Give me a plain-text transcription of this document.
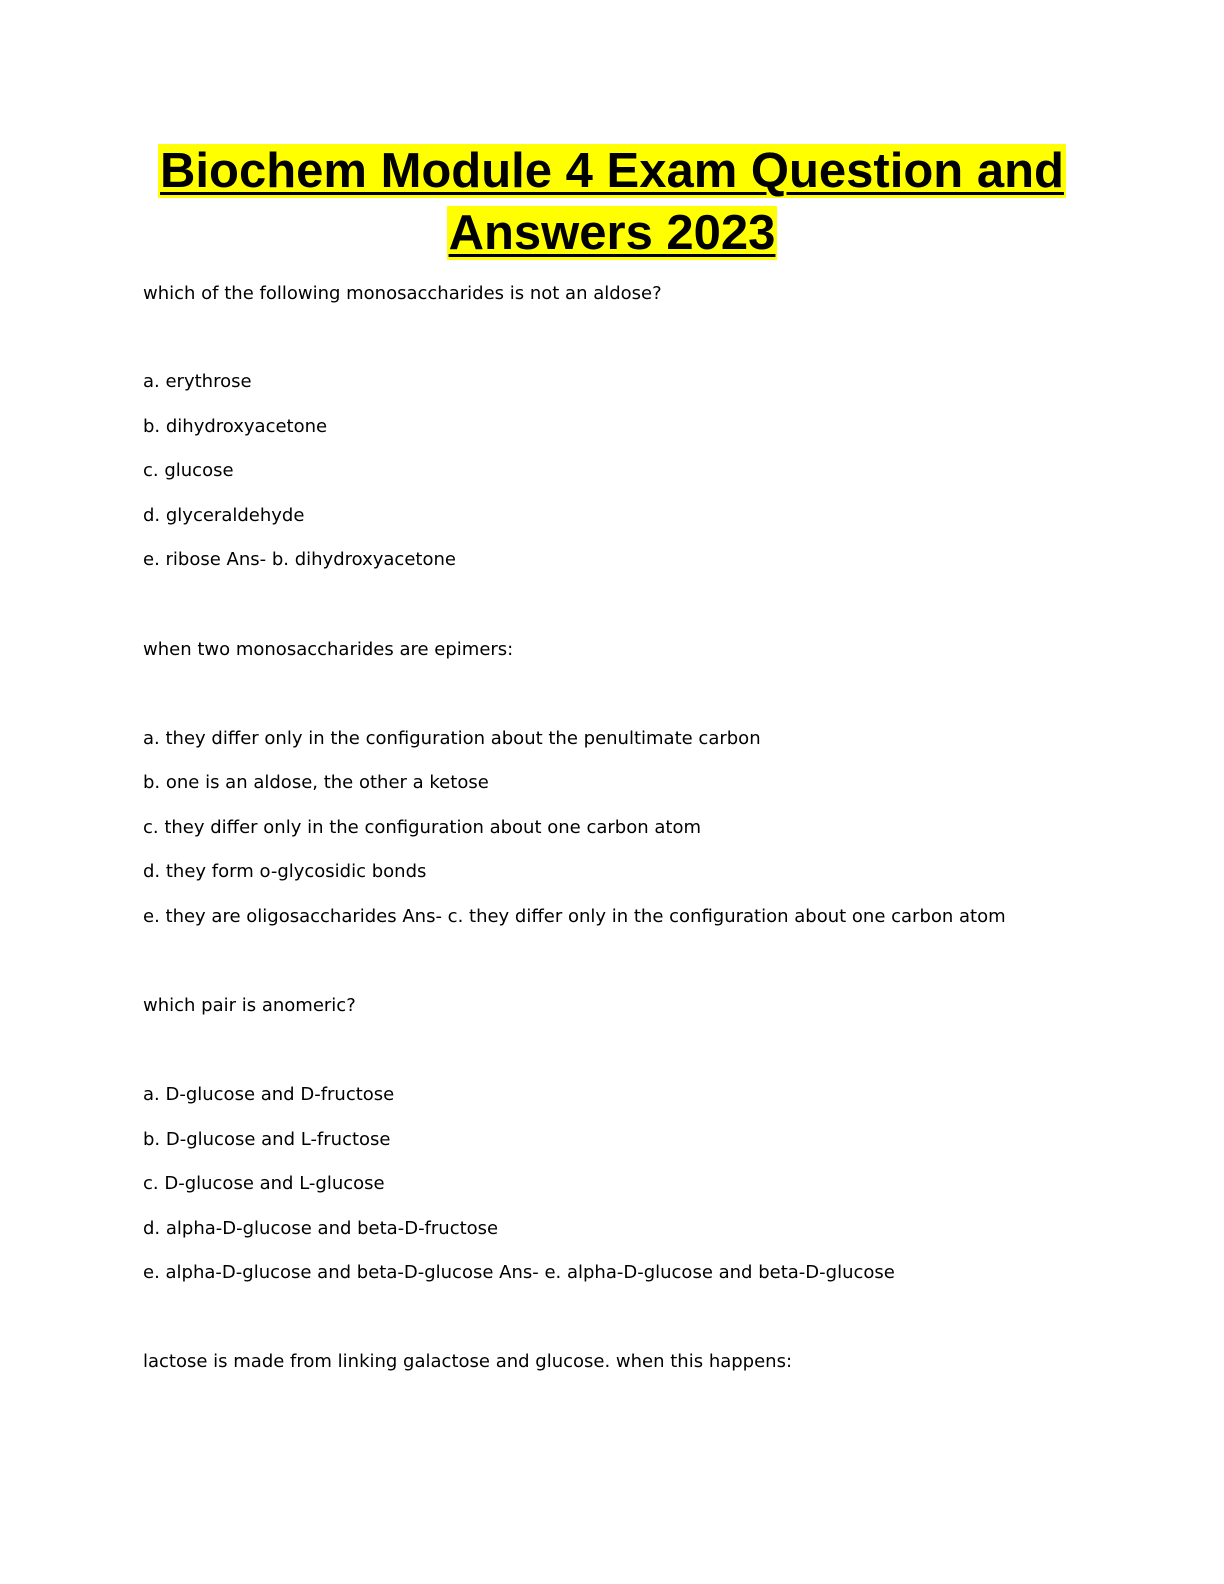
Biochem Module 4 Exam Question and
Answers 2023
which of the following monosaccharides is not an aldose?
a. erythrose
b. dihydroxyacetone
c. glucose
d. glyceraldehyde
e. ribose Ans- b. dihydroxyacetone
when two monosaccharides are epimers:
a. they differ only in the configuration about the penultimate carbon
b. one is an aldose, the other a ketose
c. they differ only in the configuration about one carbon atom
d. they form o-glycosidic bonds
e. they are oligosaccharides Ans- c. they differ only in the configuration about one carbon atom
which pair is anomeric?
a. D-glucose and D-fructose
b. D-glucose and L-fructose
c. D-glucose and L-glucose
d. alpha-D-glucose and beta-D-fructose
e. alpha-D-glucose and beta-D-glucose Ans- e. alpha-D-glucose and beta-D-glucose
lactose is made from linking galactose and glucose. when this happens:
